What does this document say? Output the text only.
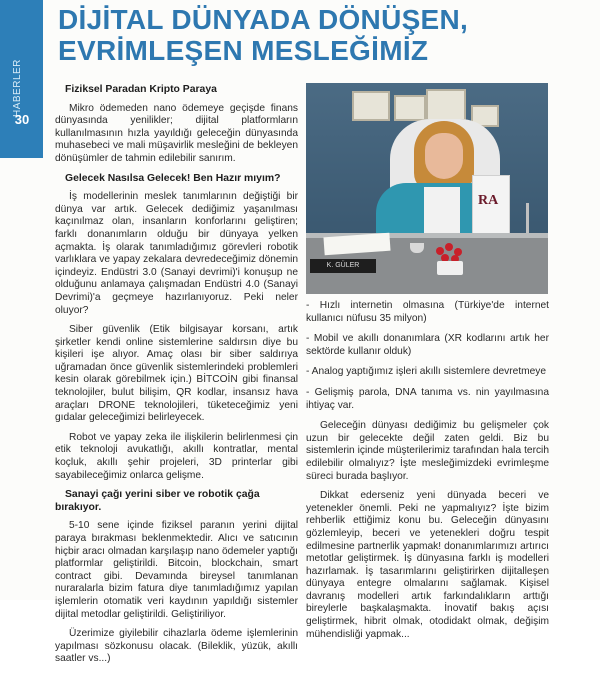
HABERLER
30
DİJİTAL DÜNYADA DÖNÜŞEN,
EVRİMLEŞEN MESLEĞİMİZ
Fiziksel Paradan Kripto Paraya

Mikro ödemeden nano ödemeye geçişde finans dünyasında yenilikler; dijital platformların kullanılmasının hızla yayıldığı geleceğin dünyasında muhasebeci ve mali müşavirlik mesleğini de bekleyen dönüşümler de tahmin edilebilir sanırım.

Gelecek Nasılsa Gelecek! Ben Hazır mıyım?

İş modellerinin meslek tanımlarının değiştiği bir dünya var artık. Gelecek dediğimiz yaşanılması kaçınılmaz olan, insanların konforlarını geliştiren; farklı donanımların olduğu bir dünyaya yelken açmakta. İş olarak tanımladığımız görevleri robotik varlıklara ve yapay zekalara devredeceğimiz dönemin içindeyiz. Endüstri 3.0 (Sanayi devrimi)'i konuşup ne olduğunu anlamaya çalışmadan Endüstri 4.0 (Sanayi Devrimi)'a geçmeye hazırlanıyoruz. Peki neler oluyor?

Siber güvenlik (Etik bilgisayar korsanı, artık şirketler kendi online sistemlerine saldırsın diye bu kişileri işe alıyor. Amaç olası bir siber saldırıya uğramadan önce güvenlik sistemlerindeki problemleri kesin olarak görebilmek için.) BİTCOİN gibi finansal teknolojiler, bulut bilişim, QR kodlar, insansız hava araçları DRONE teknolojileri, tüketeceğimiz yeni gıdalar geleceğimizi belirleyecek.

Robot ve yapay zeka ile ilişkilerin belirlenmesi çin etik teknoloji avukatlığı, akıllı kontratlar, mental koçluk, akıllı şehir projeleri, 3D printerlar gibi sayabileceğimiz onlarca gelişme.

Sanayi çağı yerini siber ve robotik çağa bırakıyor.

5-10 sene içinde fiziksel paranın yerini dijital paraya bırakması beklenmektedir. Alıcı ve satıcının hiçbir aracı olmadan karşılaşıp nano ödemeler yaptığı platformlar geliştirildi. Bitcoin, blockchain, smart contract gibi. Devamında bireysel tanımlanan nuraralarla bizim fatura diye tanımladığımız yapılan işlemlerin otomatik veri kaydının yapıldığı sistemler dijital metodlar geliştirildi. Geliştiriliyor.

Üzerimize giyilebilir cihazlarla ödeme işlemlerinin yapılması sözkonusu olacak. (Bileklik, yüzük, akıllı saatler vs...)

RA
K. GÜLER

- Hızlı internetin olmasına (Türkiye'de internet kullanıcı nüfusu 35 milyon)

- Mobil ve akıllı donanımlara (XR kodlarını artık her sektörde kullanır olduk)

- Analog yaptığımız işleri akıllı sistemlere devretmeye

- Gelişmiş parola, DNA tanıma vs. nin yayılmasına ihtiyaç var.

Geleceğin dünyası dediğimiz bu gelişmeler çok uzun bir gelecekte değil zaten geldi. Biz bu sistemlerin içinde müşterilerimiz tarafından hala tercih edilebilir olmalıyız? İşte mesleğimizdeki evrimleşme süreci burada başlıyor.

Dikkat ederseniz yeni dünyada beceri ve yetenekler önemli. Peki ne yapmalıyız? İşte bizim rehberlik ettiğimiz konu bu. Geleceğin dünyasını gözlemleyip, beceri ve yetenekleri doğru tespit edilmesine partnerlik yapmak! donanımlarımızı artırıcı metotlar geliştirmek. İş dünyasına farklı iş modelleri hazırlamak. İş tasarımlarını geliştirirken dijitalleşen dünyaya entegre olmalarını sağlamak. Kişisel davranış modelleri artık farkındalıkların arttığı bireylerle başkalaşmakta. İnovatif bakış açısı geliştirmek, hibrit olmak, otodidakt olmak, değişim mühendisliği yapmak...
